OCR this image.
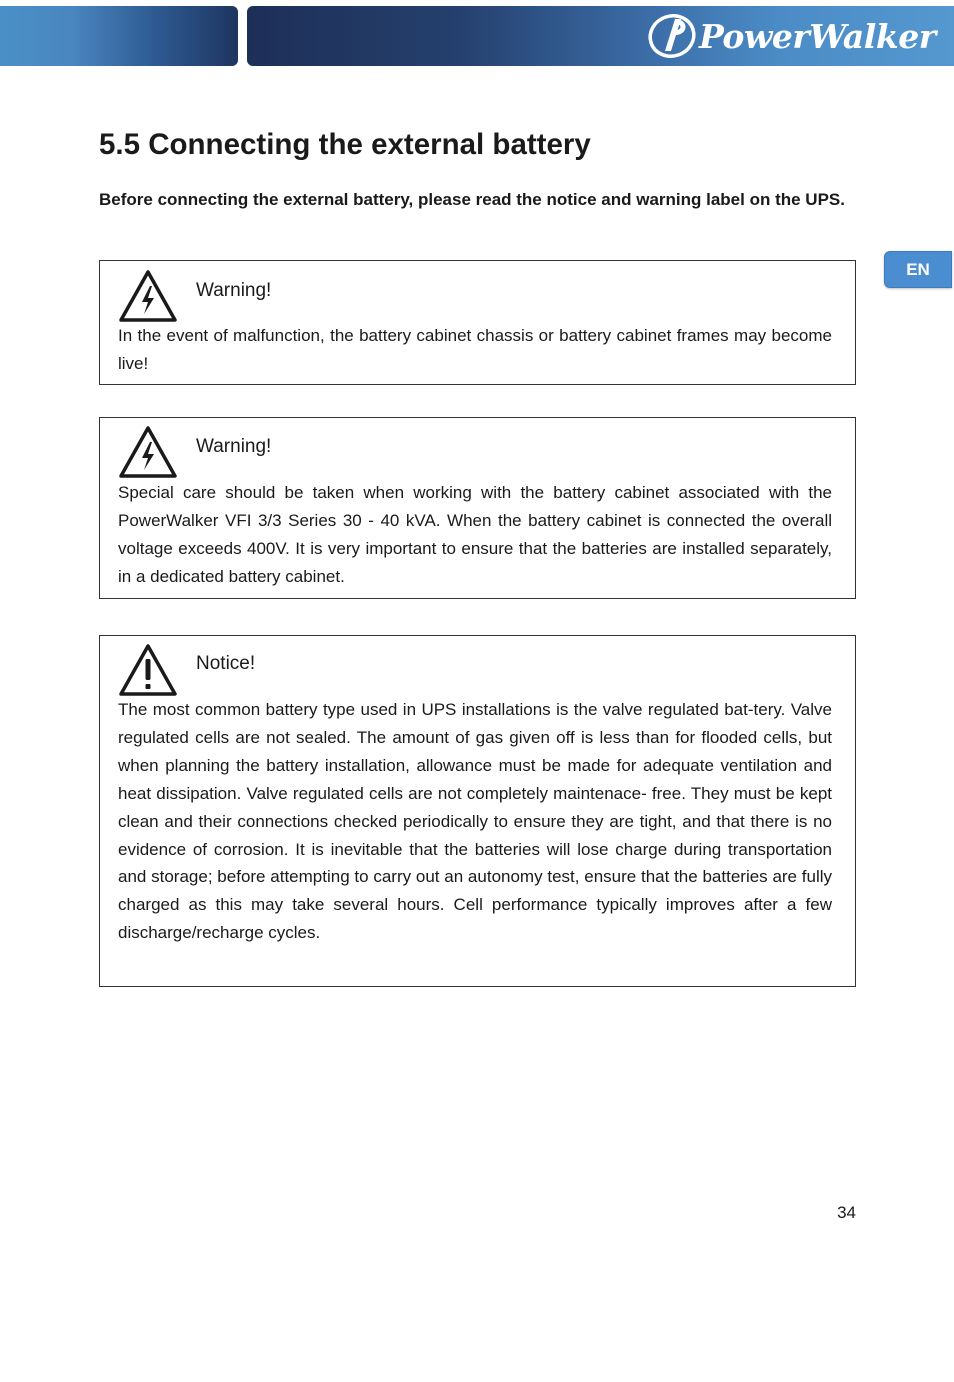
PowerWalker
EN
5.5 Connecting the external battery

Before connecting the external battery, please read the notice and warning label on the UPS.

Warning!

In the event of malfunction, the battery cabinet chassis or battery cabinet frames may become live!

Warning!

Special care should be taken when working with the battery cabinet associated with the PowerWalker VFI 3/3 Series 30 - 40 kVA. When the battery cabinet is connected the overall voltage exceeds 400V. It is very important to ensure that the batteries are installed separately, in a dedicated battery cabinet.

Notice!

The most common battery type used in UPS installations is the valve regulated bat-tery. Valve regulated cells are not sealed. The amount of gas given off is less than for flooded cells, but when planning the battery installation, allowance must be made for adequate ventilation and heat dissipation. Valve regulated cells are not completely maintenace- free. They must be kept clean and their connections checked periodically to ensure they are tight, and that there is no evidence of corrosion. It is inevitable that the batteries will lose charge during transportation and storage; before attempting to carry out an autonomy test, ensure that the batteries are fully charged as this may take several hours. Cell performance typically improves after a few discharge/recharge cycles.

34
